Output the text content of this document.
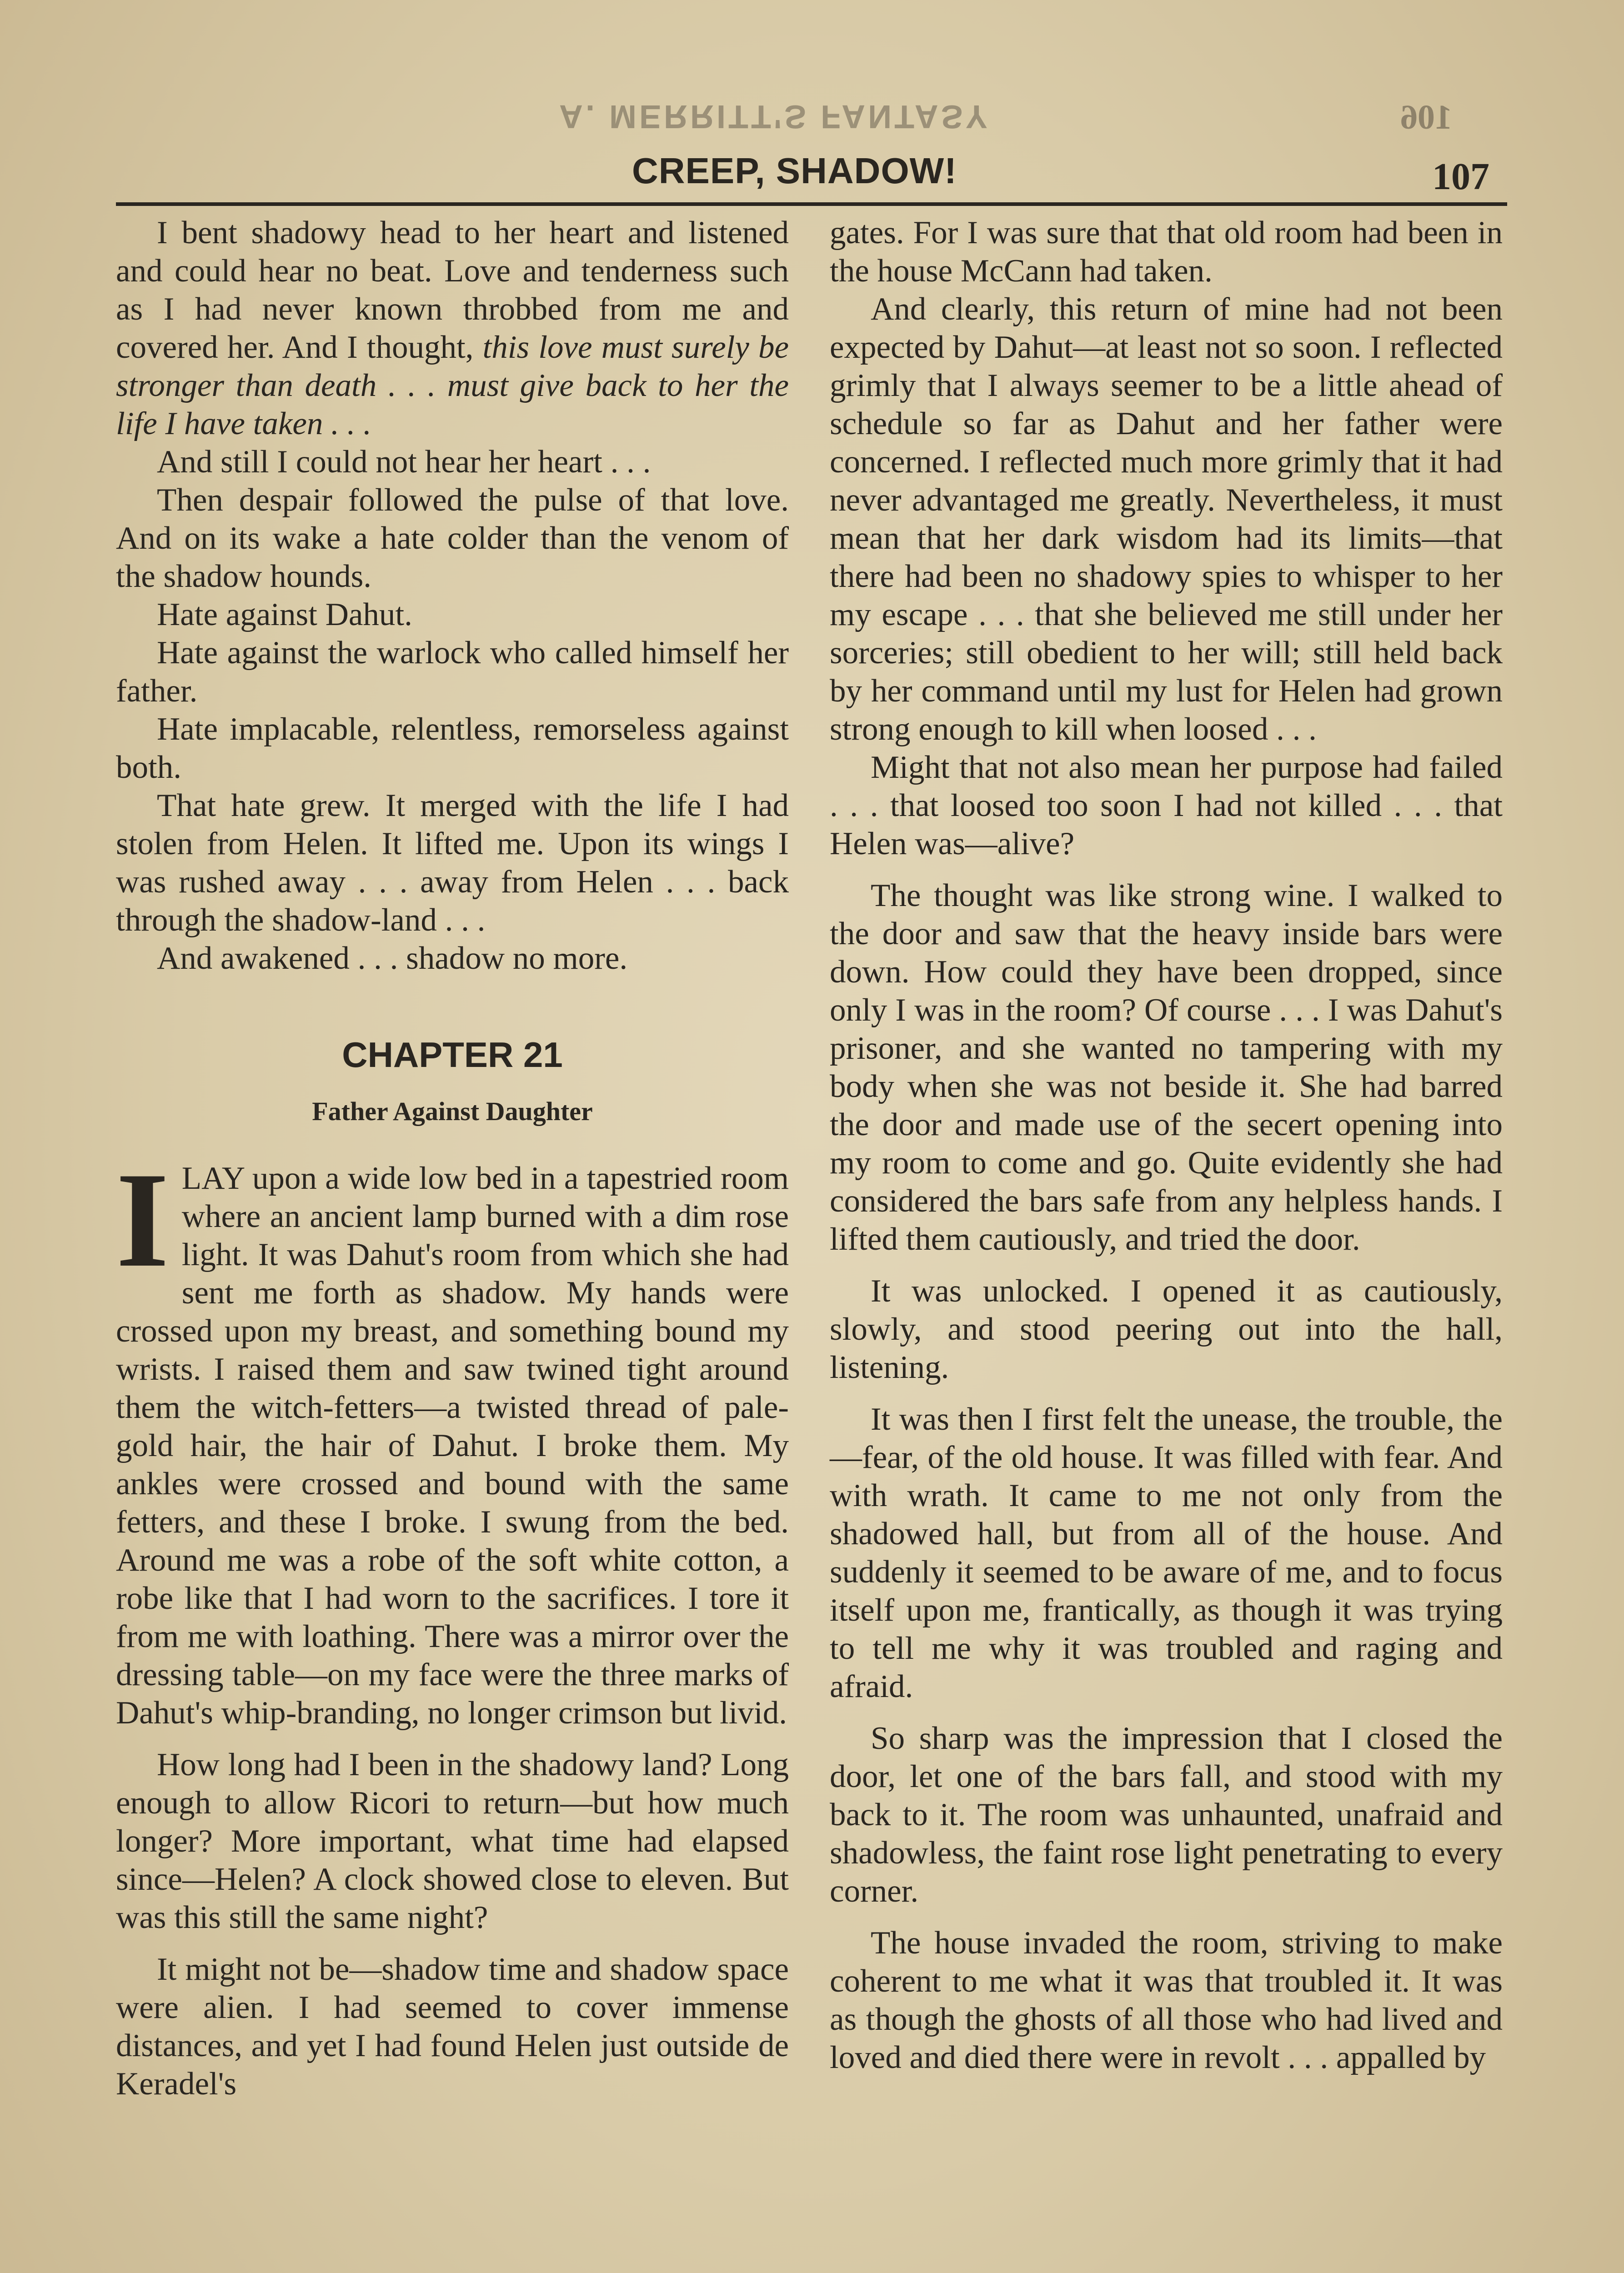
A. MERRITT'S FANTASY	106
CREEP, SHADOW!	107

I bent shadowy head to her heart and listened and could hear no beat. Love and tenderness such as I had never known throbbed from me and covered her. And I thought, this love must surely be stronger than death . . . must give back to her the life I have taken . . .

And still I could not hear her heart . . .

Then despair followed the pulse of that love. And on its wake a hate colder than the venom of the shadow hounds.

Hate against Dahut.

Hate against the warlock who called himself her father.

Hate implacable, relentless, remorseless against both.

That hate grew. It merged with the life I had stolen from Helen. It lifted me. Upon its wings I was rushed away . . . away from Helen . . . back through the shadow-land . . .

And awakened . . . shadow no more.

CHAPTER 21
Father Against Daughter

ILAY upon a wide low bed in a tapestried room where an ancient lamp burned with a dim rose light. It was Dahut's room from which she had sent me forth as shadow. My hands were crossed upon my breast, and something bound my wrists. I raised them and saw twined tight around them the witch-fetters—a twisted thread of pale-gold hair, the hair of Dahut. I broke them. My ankles were crossed and bound with the same fetters, and these I broke. I swung from the bed. Around me was a robe of the soft white cotton, a robe like that I had worn to the sacrifices. I tore it from me with loathing. There was a mirror over the dressing table—on my face were the three marks of Dahut's whip-branding, no longer crimson but livid.

How long had I been in the shadowy land? Long enough to allow Ricori to return—but how much longer? More important, what time had elapsed since—Helen? A clock showed close to eleven. But was this still the same night?

It might not be—shadow time and shadow space were alien. I had seemed to cover immense distances, and yet I had found Helen just outside de Keradel's

gates. For I was sure that that old room had been in the house McCann had taken.

And clearly, this return of mine had not been expected by Dahut—at least not so soon. I reflected grimly that I always seemer to be a little ahead of schedule so far as Dahut and her father were concerned. I reflected much more grimly that it had never advantaged me greatly. Nevertheless, it must mean that her dark wisdom had its limits—that there had been no shadowy spies to whisper to her my escape . . . that she believed me still under her sorceries; still obedient to her will; still held back by her command until my lust for Helen had grown strong enough to kill when loosed . . .

Might that not also mean her purpose had failed . . . that loosed too soon I had not killed . . . that Helen was—alive?

The thought was like strong wine. I walked to the door and saw that the heavy inside bars were down. How could they have been dropped, since only I was in the room? Of course . . . I was Dahut's prisoner, and she wanted no tampering with my body when she was not beside it. She had barred the door and made use of the secert opening into my room to come and go. Quite evidently she had considered the bars safe from any helpless hands. I lifted them cautiously, and tried the door.

It was unlocked. I opened it as cautiously, slowly, and stood peering out into the hall, listening.

It was then I first felt the unease, the trouble, the—fear, of the old house. It was filled with fear. And with wrath. It came to me not only from the shadowed hall, but from all of the house. And suddenly it seemed to be aware of me, and to focus itself upon me, frantically, as though it was trying to tell me why it was troubled and raging and afraid.

So sharp was the impression that I closed the door, let one of the bars fall, and stood with my back to it. The room was unhaunted, unafraid and shadowless, the faint rose light penetrating to every corner.

The house invaded the room, striving to make coherent to me what it was that troubled it. It was as though the ghosts of all those who had lived and loved and died there were in revolt . . . appalled by
